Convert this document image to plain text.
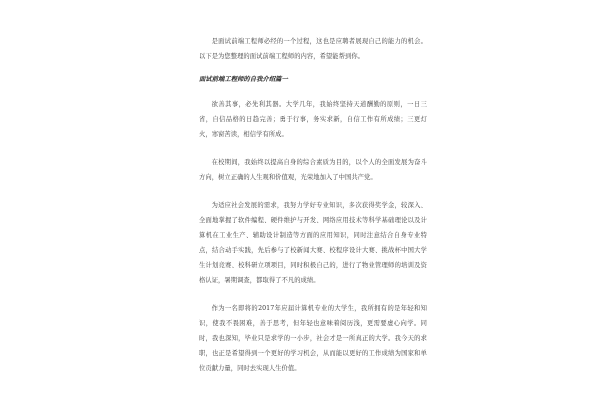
是面试前端工程师必经的一个过程，这也是应聘者展现自己的能力的机会。以下是为您整理的面试前端工程师的内容，希望能帮到你。

面试前端工程师的自我介绍篇一

欲善其事，必先利其器。大学几年，我始终坚持天道酬勤的原则，一日三省，自信品格的日趋完善；勇于行事，务实求新，自信工作有所成绩；三更灯火，寒窗苦读，相信学有所成。

在校期间，我始终以提高自身的综合素质为目的，以个人的全面发展为奋斗方向，树立正确的人生观和价值观，光荣地加入了中国共产党。

为适应社会发展的需求，我努力学好专业知识，多次获得奖学金，较深入、全面地掌握了软件编程、硬件维护与开发、网络应用技术等科学基础理论以及计算机在工业生产、辅助设计制造等方面的应用知识，同时注意结合自身专业特点，结合动手实践，先后参与了校新闻大赛、校程序设计大赛、挑战杯中国大学生计划竞赛、校科研立项项目，同时积极自己的，进行了物业管理师的培训及资格认证，暑期调查，都取得了不凡的成绩。

作为一名即将的2017年应届计算机专业的大学生，我所拥有的是年轻和知识，使我不畏困难，善于思考，但年轻也意味着阅历浅，更需要虚心向学。同时，我也深知，毕业只是求学的一小步，社会才是一所真正的大学。我今天的求职，也正是希望得到一个更好的学习机会，从而能以更好的工作成绩为国家和单位贡献力量，同时去实现人生价值。
